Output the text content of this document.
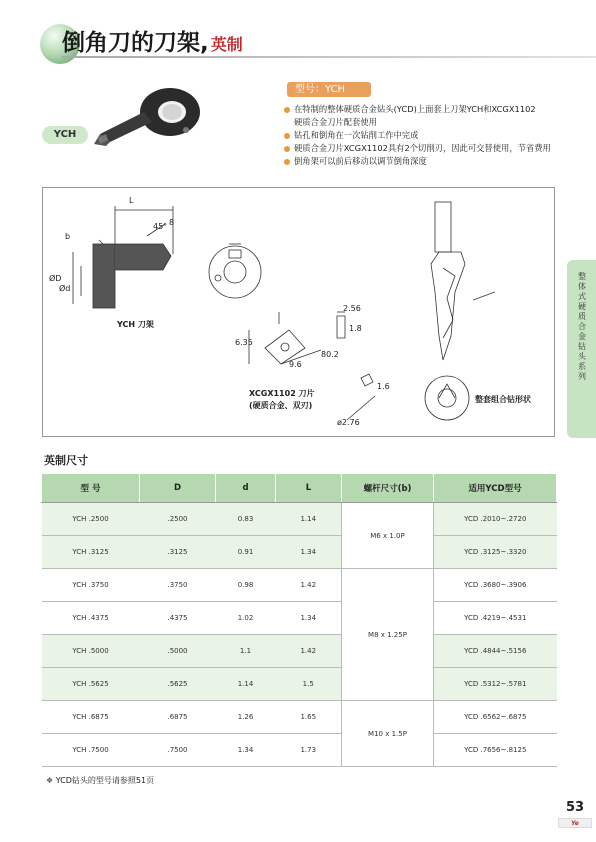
倒角刀的刀架, 英制
YCH
型号：YCH
在特制的整体硬质合金钻头(YCD)上面套上刀架YCH和XCGX1102
硬质合金刀片配套使用
钻孔和倒角在一次钻削工作中完成
硬质合金刀片XCGX1102具有2个切削刃，因此可交替使用，节省费用
倒角架可以前后移动以调节倒角深度
L
b
45° 8
ØD
Ød
YCH 刀架
2.56
9.6
6.35
80.2
1.8
1.6
ø2.76
XCGX1102 刀片
(硬质合金、双刃)
整套组合钻形状
整体式硬质合金钻头系列
英制尺寸
型 号	D	d	L	螺杆尺寸(b)	适用YCD型号
YCH .2500	.2500	0.83	1.14	M6 x 1.0P	YCD .2010~.2720
YCH .3125	.3125	0.91	1.34		YCD .3125~.3320
YCH .3750	.3750	0.98	1.42	M8 x 1.25P	YCD .3680~.3906
YCH .4375	.4375	1.02	1.34		YCD .4219~.4531
YCH .5000	.5000	1.1	1.42		YCD .4844~.5156
YCH .5625	.5625	1.14	1.5		YCD .5312~.5781
YCH .6875	.6875	1.26	1.65	M10 x 1.5P	YCD .6562~.6875
YCH .7500	.7500	1.34	1.73		YCD .7656~.8125
❖ YCD钻头的型号请参照51页
53
Ye
